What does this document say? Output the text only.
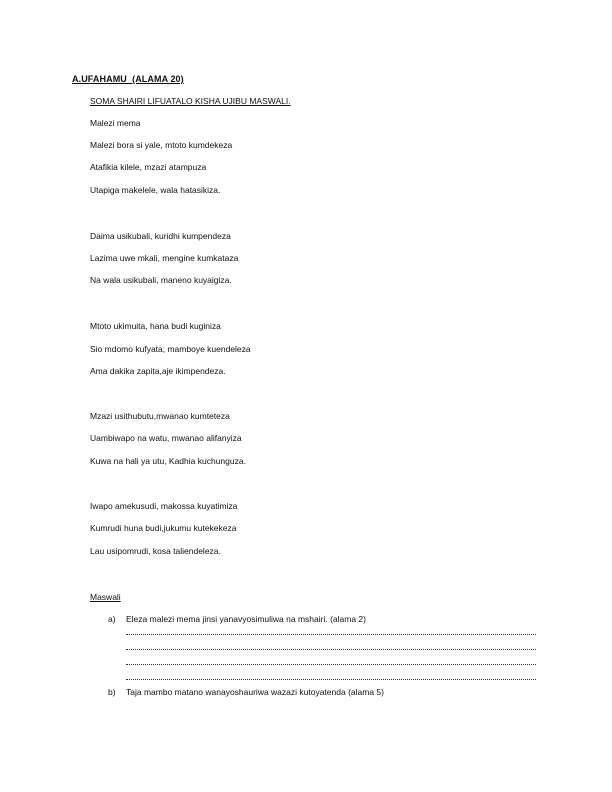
A.UFAHAMU  (ALAMA 20)
SOMA SHAIRI LIFUATALO KISHA UJIBU MASWALI.
Malezi mema
Malezi bora si yale, mtoto kumdekeza
Atafikia kilele, mzazi atampuza
Utapiga makelele, wala hatasikiza.
Daima usikubali, kuridhi kumpendeza
Lazima uwe mkali, mengine kumkataza
Na wala usikubali, maneno kuyaigiza.
Mtoto ukimuita, hana budi kuginiza
Sio mdomo kufyata, mamboye kuendeleza
Ama dakika zapita,aje ikimpendeza.
Mzazi usithubutu,mwanao kumteteza
Uambiwapo na watu, mwanao alifanyiza
Kuwa na hali ya utu, Kadhia kuchunguza.
Iwapo amekusudi, makossa kuyatimiza
Kumrudi huna budi,jukumu kutekekeza
Lau usipomrudi, kosa taliendeleza.
Maswali
a) Eleza malezi mema jinsi yanavyosimuliwa na mshairi. (alama 2)
b) Taja mambo matano wanayoshauriwa wazazi kutoyatenda (alama 5)
